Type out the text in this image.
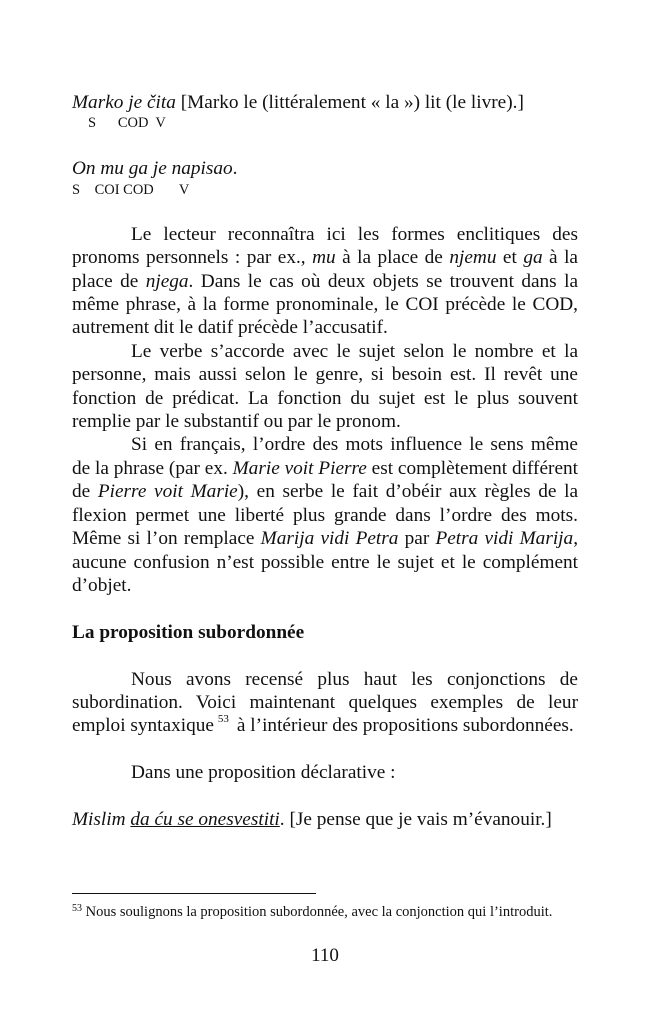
Marko je čita [Marko le (littéralement « la ») lit (le livre).]

S      COD  V

On mu ga je napisao.

S    COI COD       V

Le lecteur reconnaîtra ici les formes enclitiques des pronoms personnels : par ex., mu à la place de njemu et ga à la place de njega. Dans le cas où deux objets se trouvent dans la même phrase, à la forme pronominale, le COI précède le COD, autrement dit le datif précède l’accusatif.

Le verbe s’accorde avec le sujet selon le nombre et la personne, mais aussi selon le genre, si besoin est. Il revêt une fonction de prédicat. La fonction du sujet est le plus souvent remplie par le substantif ou par le pronom.

Si en français, l’ordre des mots influence le sens même de la phrase (par ex. Marie voit Pierre est complètement différent de Pierre voit Marie), en serbe le fait d’obéir aux règles de la flexion permet une liberté plus grande dans l’ordre des mots. Même si l’on remplace Marija vidi Petra par Petra vidi Marija, aucune confusion n’est possible entre le sujet et le complément d’objet.

La proposition subordonnée

Nous avons recensé plus haut les conjonctions de subordination. Voici maintenant quelques exemples de leur emploi syntaxique $^{53}$ à l’intérieur des propositions subordonnées.

Dans une proposition déclarative :

Mislim da ću se onesvestiti. [Je pense que je vais m’évanouir.]

$^{53}$ Nous soulignons la proposition subordonnée, avec la conjonction qui l’introduit.

110
